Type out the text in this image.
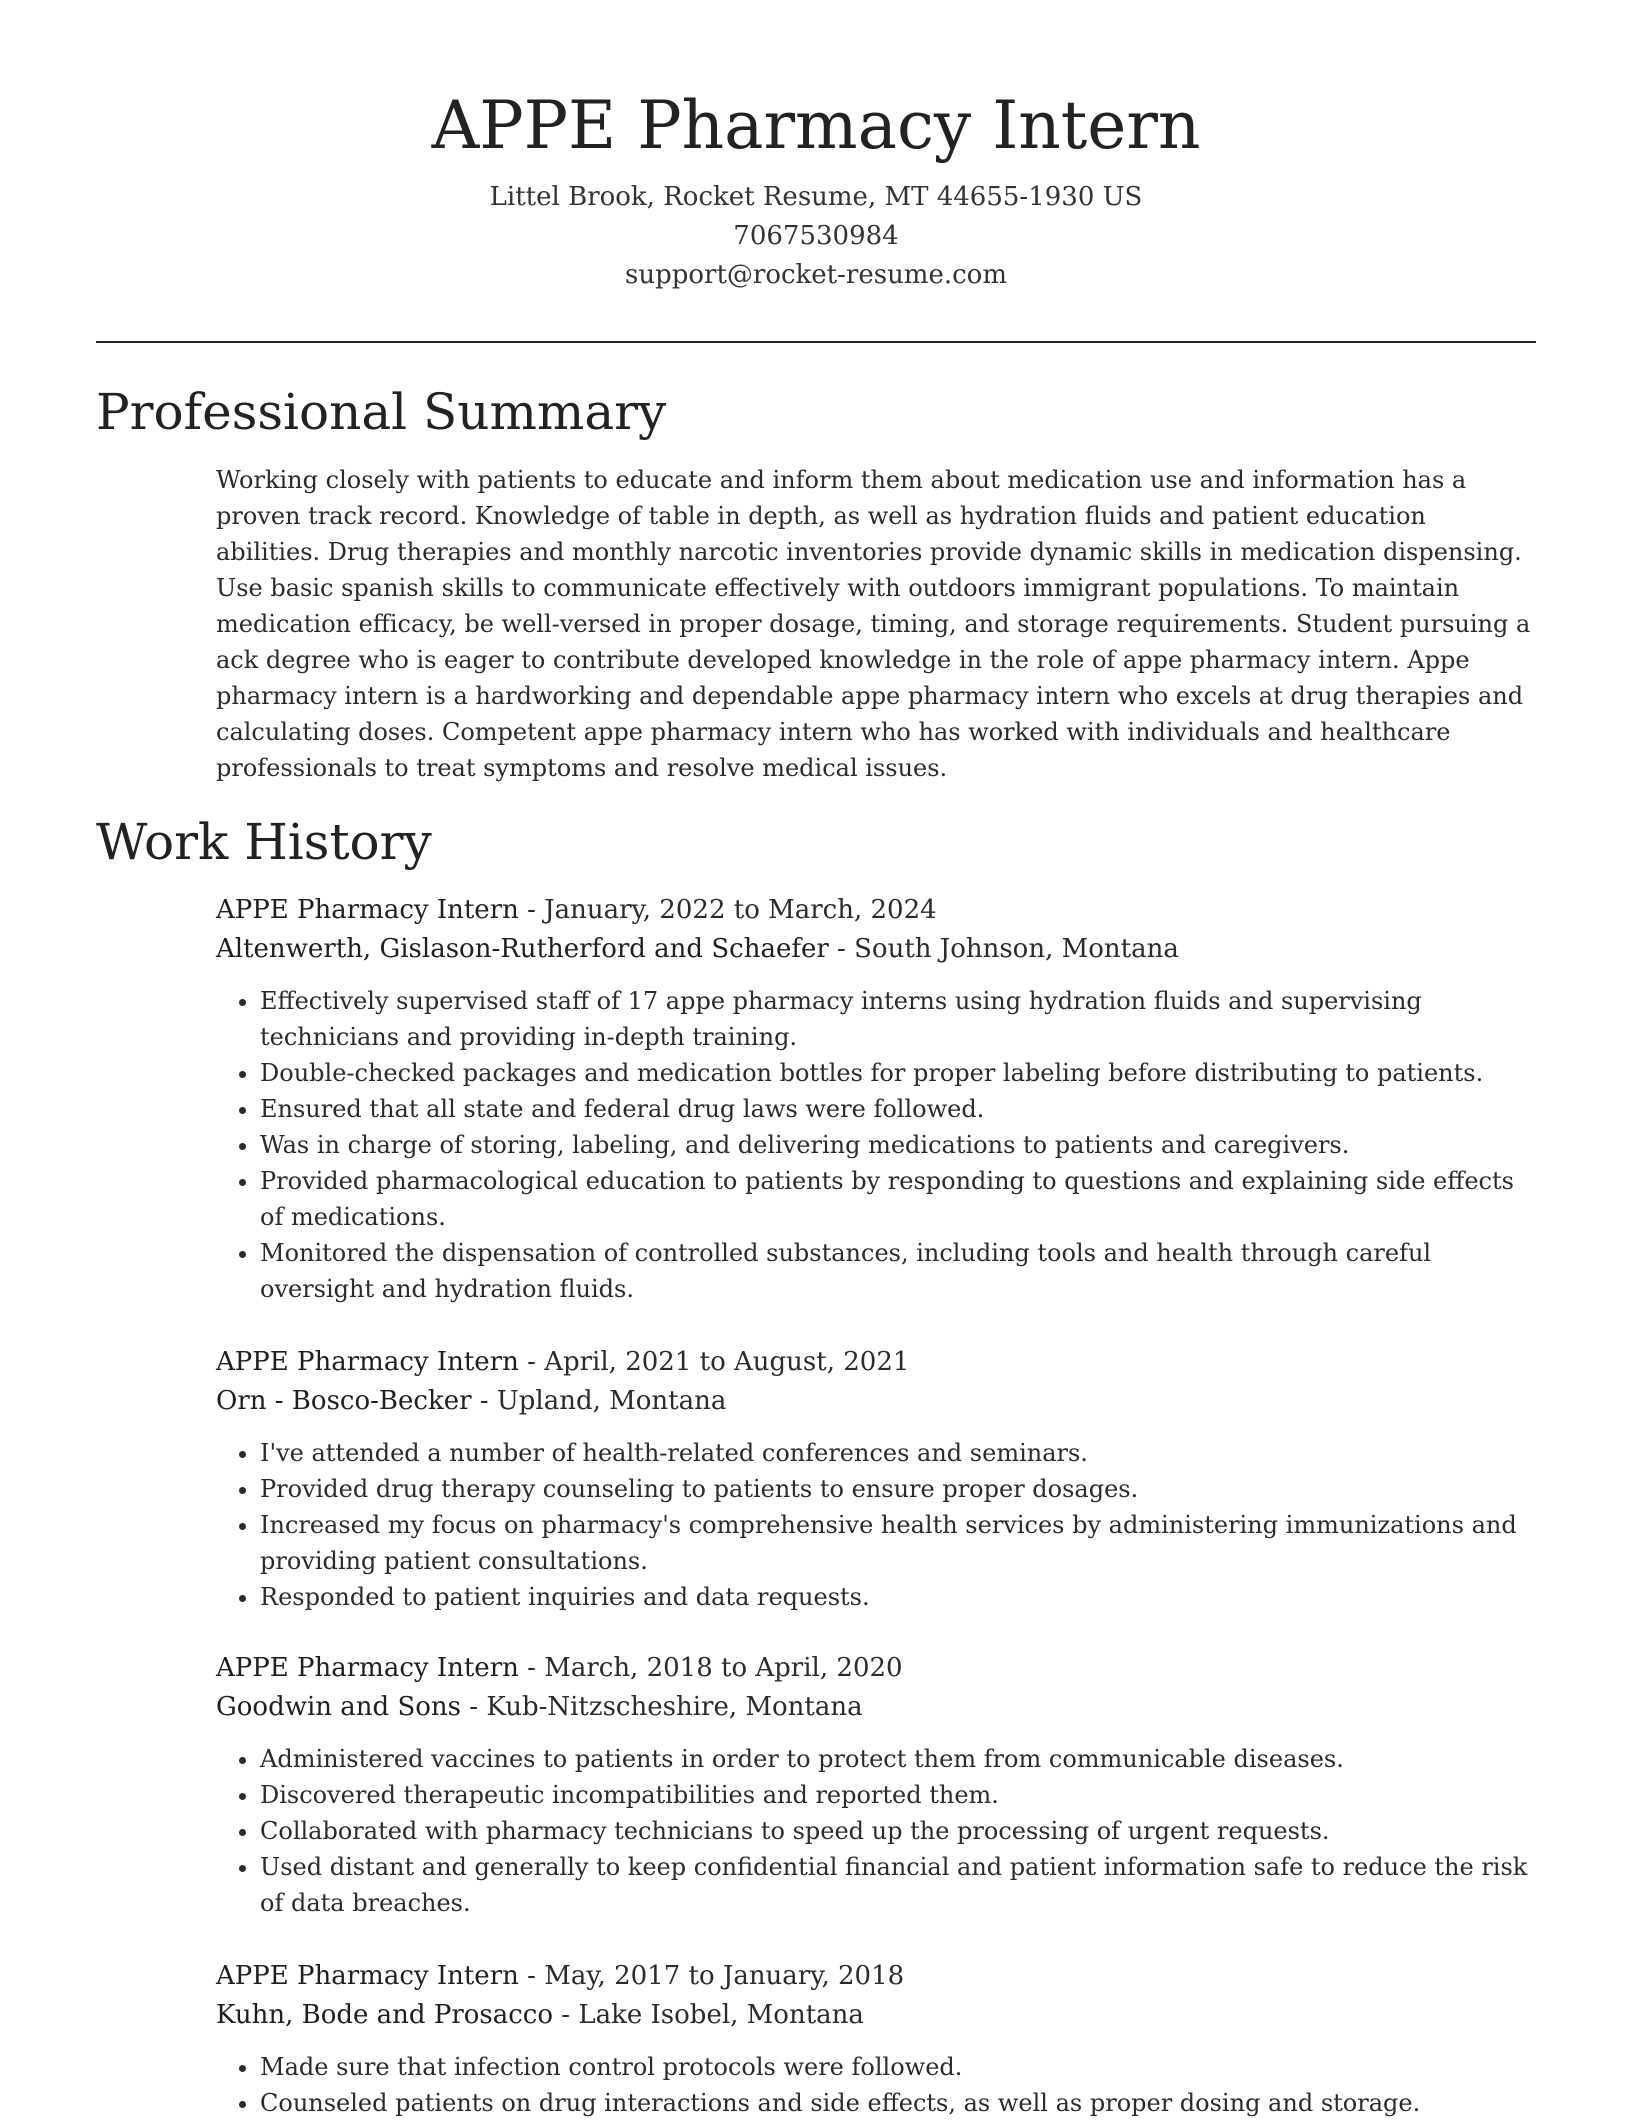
APPE Pharmacy Intern
Littel Brook, Rocket Resume, MT 44655-1930 US
7067530984
support@rocket-resume.com
Professional Summary

Working closely with patients to educate and inform them about medication use and information has a proven track record. Knowledge of table in depth, as well as hydration fluids and patient education abilities. Drug therapies and monthly narcotic inventories provide dynamic skills in medication dispensing. Use basic spanish skills to communicate effectively with outdoors immigrant populations. To maintain medication efficacy, be well-versed in proper dosage, timing, and storage requirements. Student pursuing a ack degree who is eager to contribute developed knowledge in the role of appe pharmacy intern. Appe pharmacy intern is a hardworking and dependable appe pharmacy intern who excels at drug therapies and calculating doses. Competent appe pharmacy intern who has worked with individuals and healthcare professionals to treat symptoms and resolve medical issues.

Work History
APPE Pharmacy Intern - January, 2022 to March, 2024
Altenwerth, Gislason-Rutherford and Schaefer - South Johnson, Montana
• Effectively supervised staff of 17 appe pharmacy interns using hydration fluids and supervising technicians and providing in-depth training.
• Double-checked packages and medication bottles for proper labeling before distributing to patients.
• Ensured that all state and federal drug laws were followed.
• Was in charge of storing, labeling, and delivering medications to patients and caregivers.
• Provided pharmacological education to patients by responding to questions and explaining side effects of medications.
• Monitored the dispensation of controlled substances, including tools and health through careful oversight and hydration fluids.
APPE Pharmacy Intern - April, 2021 to August, 2021
Orn - Bosco-Becker - Upland, Montana
• I've attended a number of health-related conferences and seminars.
• Provided drug therapy counseling to patients to ensure proper dosages.
• Increased my focus on pharmacy's comprehensive health services by administering immunizations and providing patient consultations.
• Responded to patient inquiries and data requests.
APPE Pharmacy Intern - March, 2018 to April, 2020
Goodwin and Sons - Kub-Nitzscheshire, Montana
• Administered vaccines to patients in order to protect them from communicable diseases.
• Discovered therapeutic incompatibilities and reported them.
• Collaborated with pharmacy technicians to speed up the processing of urgent requests.
• Used distant and generally to keep confidential financial and patient information safe to reduce the risk of data breaches.
APPE Pharmacy Intern - May, 2017 to January, 2018
Kuhn, Bode and Prosacco - Lake Isobel, Montana
• Made sure that infection control protocols were followed.
• Counseled patients on drug interactions and side effects, as well as proper dosing and storage.
